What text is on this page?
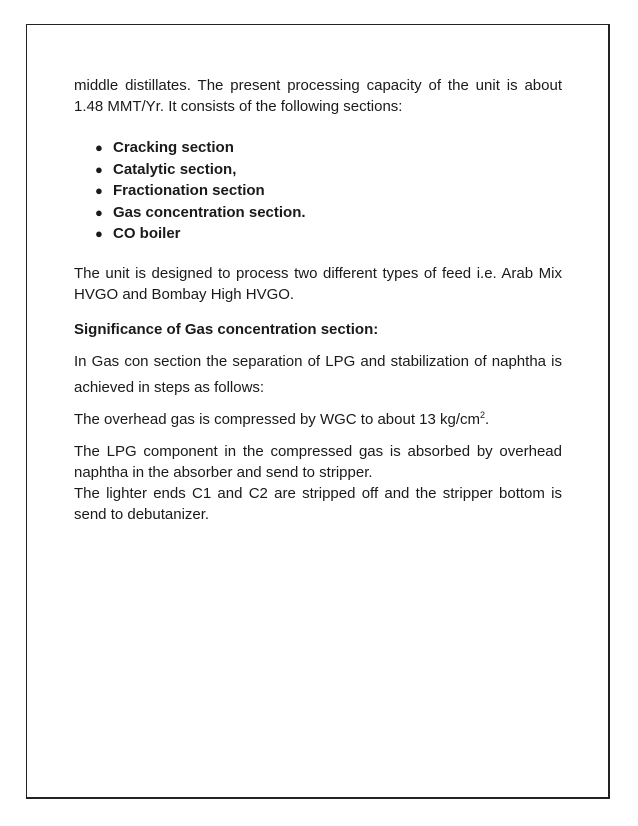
middle distillates. The present processing capacity of the unit is about 1.48 MMT/Yr. It consists of the following sections:

● Cracking section
● Catalytic section,
● Fractionation section
● Gas concentration section.
● CO boiler

The unit is designed to process two different types of feed i.e. Arab Mix HVGO and Bombay High HVGO.

Significance of Gas concentration section:

In Gas con section the separation of LPG and stabilization of naphtha is achieved in steps as follows:

The overhead gas is compressed by WGC to about 13 $kg/cm^2$.

The LPG component in the compressed gas is absorbed by overhead naphtha in the absorber and send to stripper.

The lighter ends C1 and C2 are stripped off and the stripper bottom is send to debutanizer.
